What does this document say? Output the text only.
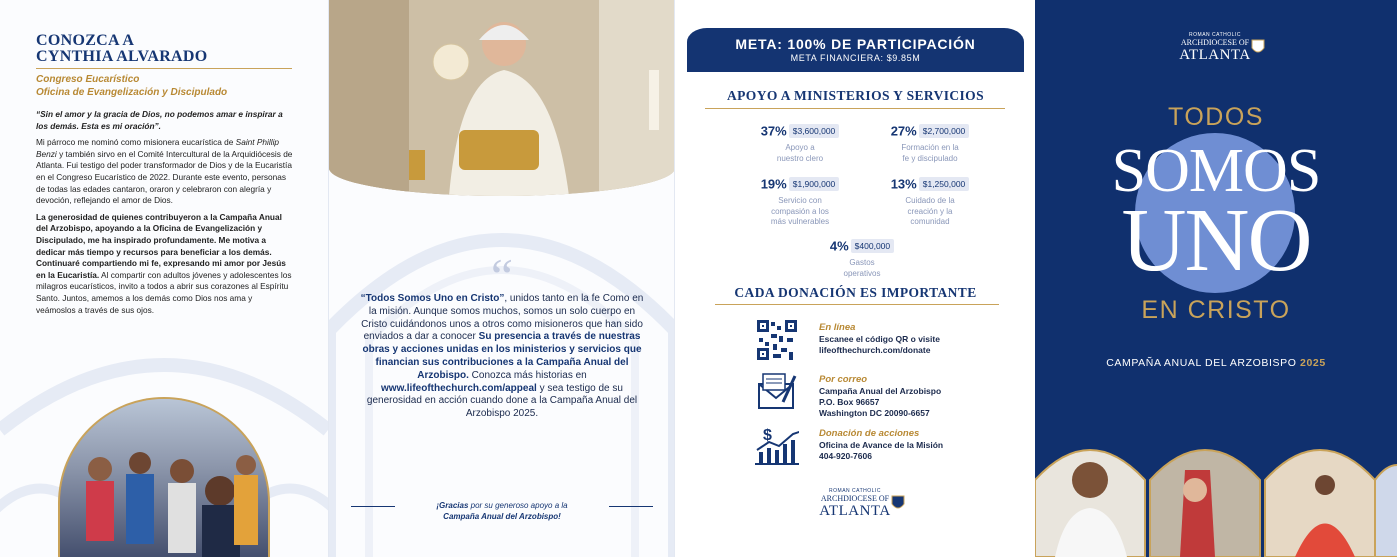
CONOZCA A
CYNTHIA ALVARADO
Congreso Eucarístico
Oficina de Evangelización y Discipulado

“Sin el amor y la gracia de Dios, no podemos amar e inspirar a los demás. Esta es mi oración”.

Mi párroco me nominó como misionera eucarística de Saint Phillip Benzi y también sirvo en el Comité Intercultural de la Arquidiócesis de Atlanta. Fui testigo del poder transformador de Dios y de la Eucaristía en el Congreso Eucarístico de 2022. Durante este evento, personas de todas las edades cantaron, oraron y celebraron con alegría y devoción, reflejando el amor de Dios.

La generosidad de quienes contribuyeron a la Campaña Anual del Arzobispo, apoyando a la Oficina de Evangelización y Discipulado, me ha inspirado profundamente. Me motiva a dedicar más tiempo y recursos para beneficiar a los demás. Continuaré compartiendo mi fe, expresando mi amor por Jesús en la Eucaristía. Al compartir con adultos jóvenes y adolescentes los milagros eucarísticos, invito a todos a abrir sus corazones al Espíritu Santo. Juntos, amemos a los demás como Dios nos ama y veámoslos a través de sus ojos.

“

“Todos Somos Uno en Cristo”, unidos tanto en la fe Como en la misión. Aunque somos muchos, somos un solo cuerpo en Cristo cuidándonos unos a otros como misioneros que han sido enviados a dar a conocer Su presencia a través de nuestras obras y acciones unidas en los ministerios y servicios que financian sus contribuciones a la Campaña Anual del Arzobispo. Conozca más historias en www.lifeofthechurch.com/appeal y sea testigo de su generosidad en acción cuando done a la Campaña Anual del Arzobispo 2025.

¡Gracias por su generoso apoyo a la
Campaña Anual del Arzobispo!

META: 100% DE PARTICIPACIÓN
META FINANCIERA: $9.85M
APOYO A MINISTERIOS Y SERVICIOS
37% $3,600,000
Apoyo a
nuestro clero
27% $2,700,000
Formación en la
fe y discipulado
19% $1,900,000
Servicio con
compasión a los
más vulnerables
13% $1,250,000
Cuidado de la
creación y la
comunidad
4% $400,000
Gastos
operativos
CADA DONACIÓN ES IMPORTANTE
En línea
Escanee el código QR o visite
lifeofthechurch.com/donate
Por correo
Campaña Anual del Arzobispo
P.O. Box 96657
Washington DC 20090-6657
$	Donación de acciones
Oficina de Avance de la Misión
404-920-7606
ROMAN CATHOLIC
ARCHDIOCESE OF
ATLANTA
ROMAN CATHOLIC
ARCHDIOCESE OF
ATLANTA
TODOS
SOMOS
UNO
EN CRISTO
CAMPAÑA ANUAL DEL ARZOBISPO 2025
